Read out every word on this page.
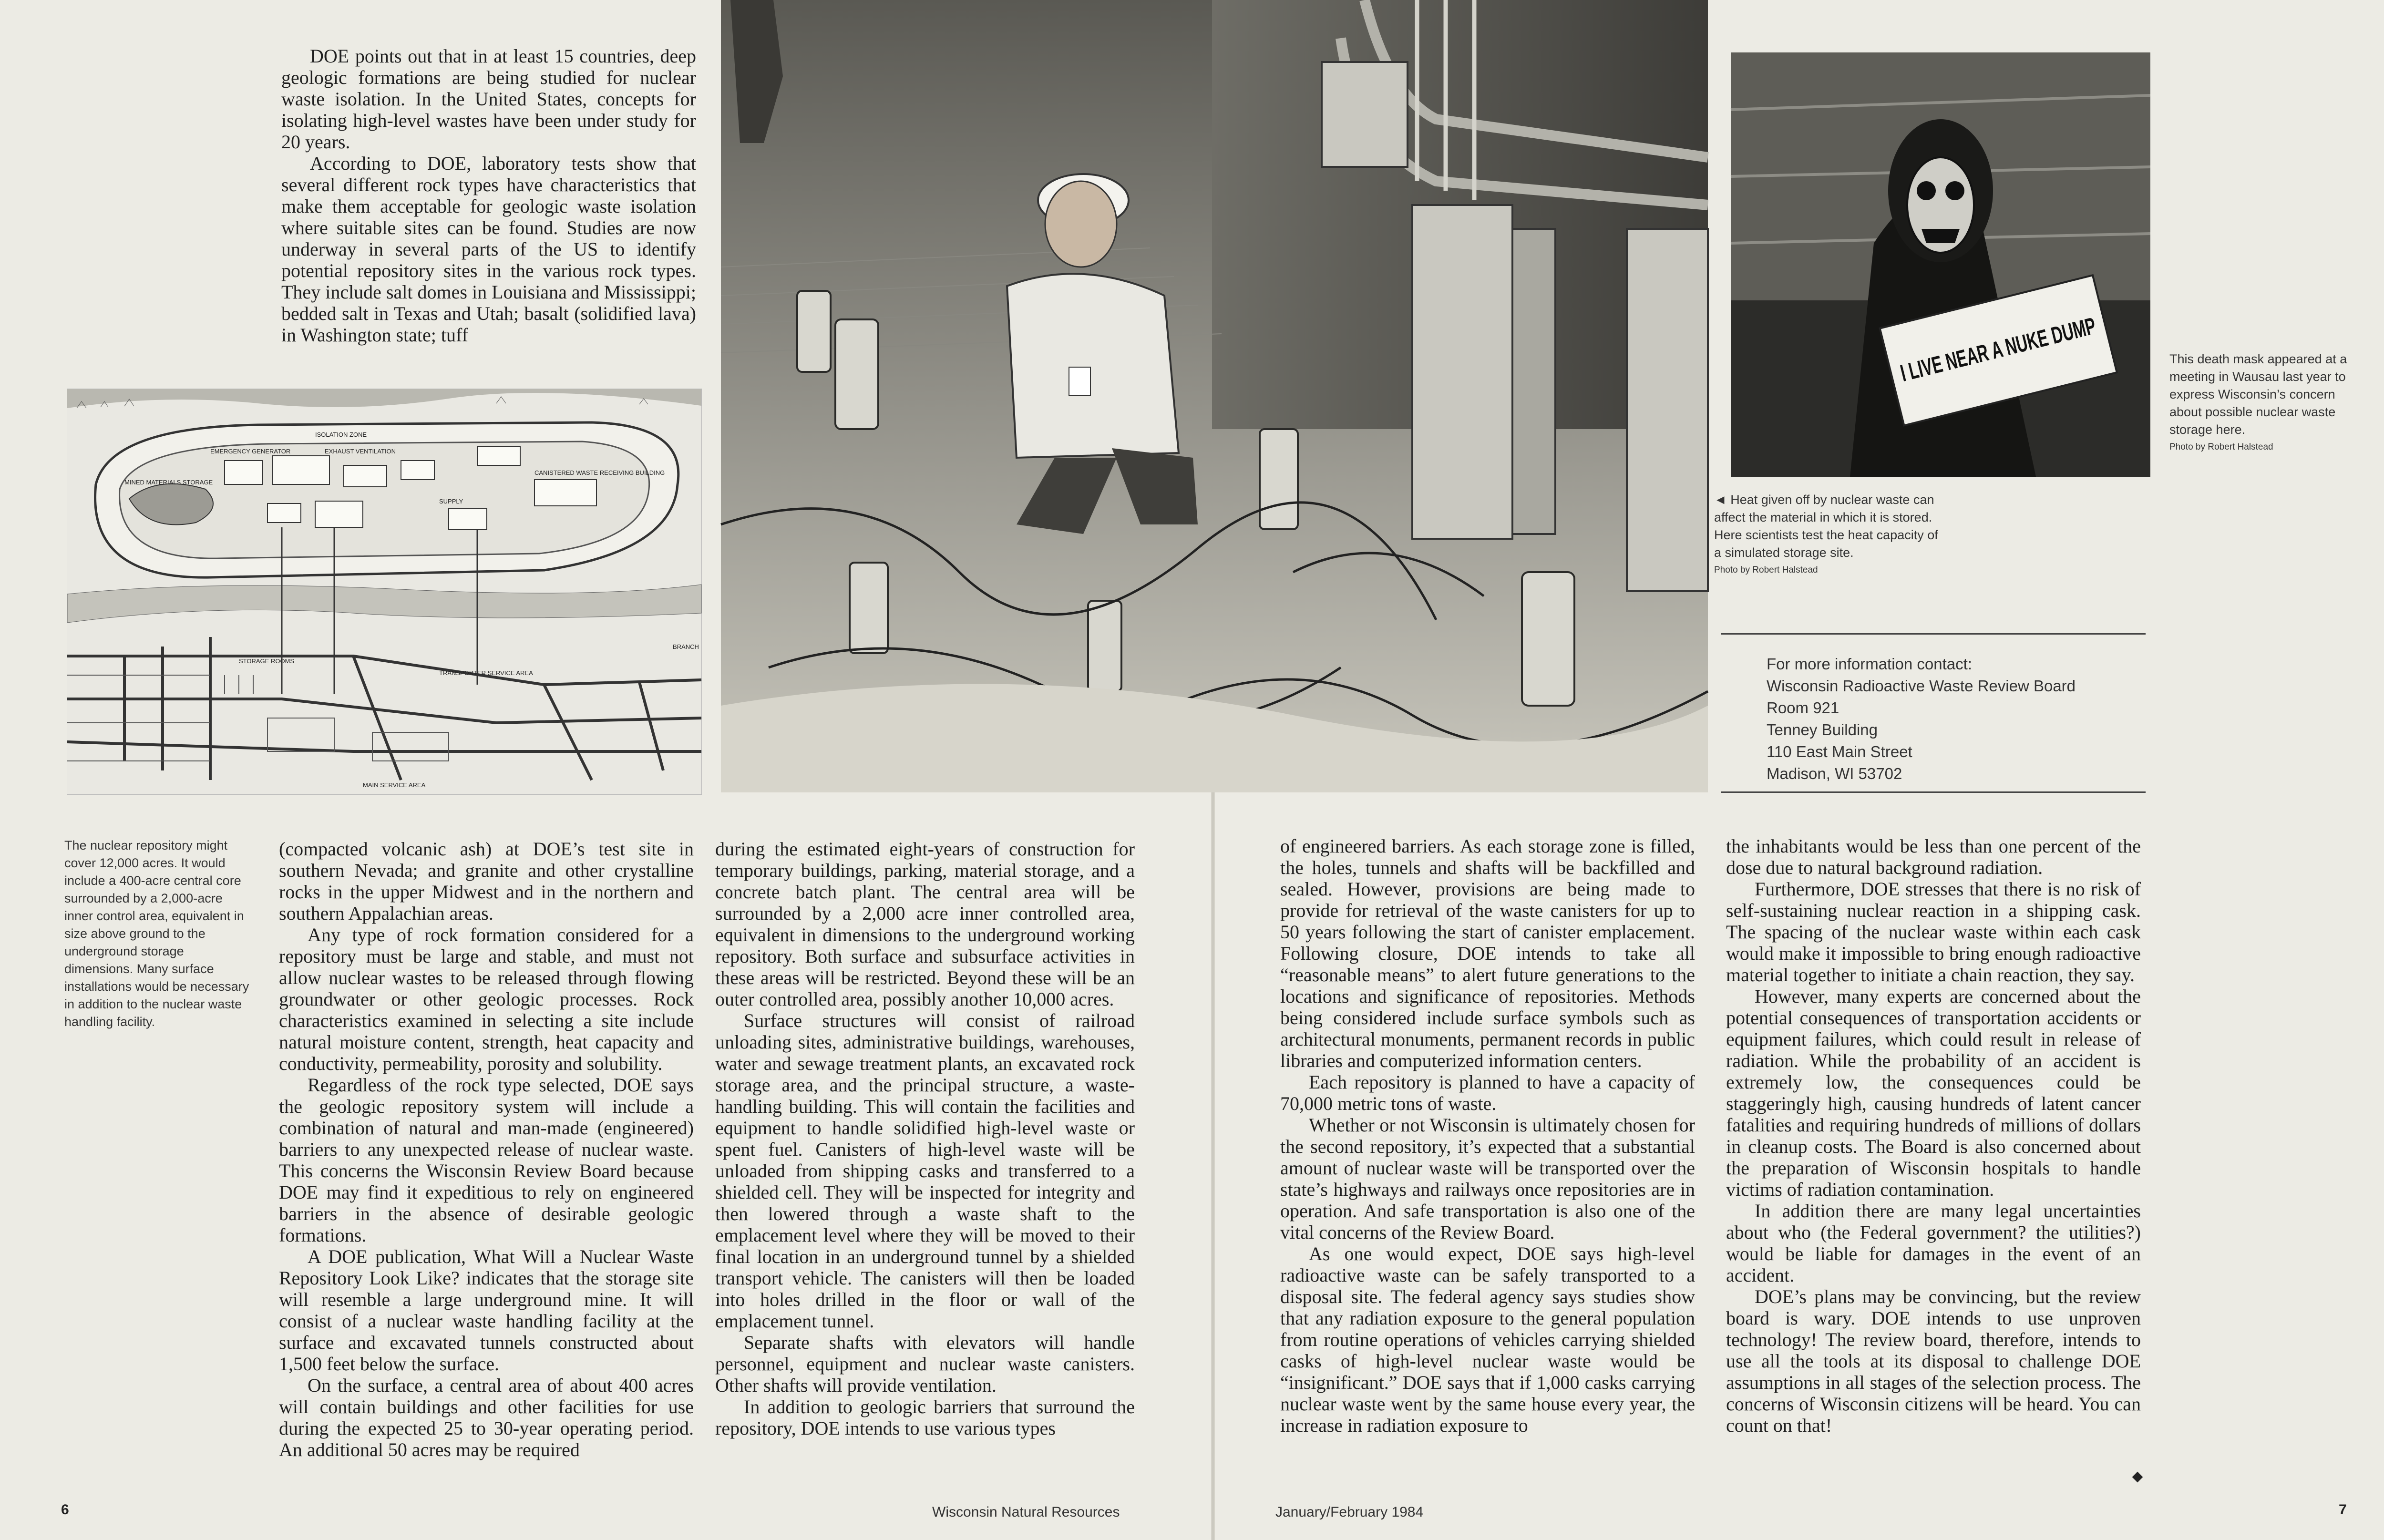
DOE points out that in at least 15 countries, deep geologic formations are being studied for nuclear waste isolation. In the United States, concepts for isolating high-level wastes have been under study for 20 years.

According to DOE, laboratory tests show that several different rock types have characteristics that make them acceptable for geologic waste isolation where suitable sites can be found. Studies are now underway in several parts of the US to identify potential repository sites in the various rock types. They include salt domes in Louisiana and Mississippi; bedded salt in Texas and Utah; basalt (solidified lava) in Washington state; tuff

ISOLATION ZONE
MINED MATERIALS STORAGE
EMERGENCY GENERATOR	EXHAUST VENTILATION
CANISTERED WASTE RECEIVING BUILDING
SUPPLY
BRANCH
TRANSPORTER SERVICE AREA
STORAGE ROOMS
MAIN SERVICE AREA
The nuclear repository might cover 12,000 acres. It would include a 400-acre central core surrounded by a 2,000-acre inner control area, equivalent in size above ground to the underground storage dimensions. Many surface installations would be necessary in addition to the nuclear waste handling facility.

(compacted volcanic ash) at DOE’s test site in southern Nevada; and granite and other crystalline rocks in the upper Midwest and in the northern and southern Appalachian areas.

Any type of rock formation considered for a repository must be large and stable, and must not allow nuclear wastes to be released through flowing groundwater or other geologic processes. Rock characteristics examined in selecting a site include natural moisture content, strength, heat capacity and conductivity, permeability, porosity and solubility.

Regardless of the rock type selected, DOE says the geologic repository system will include a combination of natural and man-made (engineered) barriers to any unexpected release of nuclear waste. This concerns the Wisconsin Review Board because DOE may find it expeditious to rely on engineered barriers in the absence of desirable geologic formations.

A DOE publication, What Will a Nuclear Waste Repository Look Like? indicates that the storage site will resemble a large underground mine. It will consist of a nuclear waste handling facility at the surface and excavated tunnels constructed about 1,500 feet below the surface.

On the surface, a central area of about 400 acres will contain buildings and other facilities for use during the expected 25 to 30-year operating period. An additional 50 acres may be required

during the estimated eight-years of construction for temporary buildings, parking, material storage, and a concrete batch plant. The central area will be surrounded by a 2,000 acre inner controlled area, equivalent in dimensions to the underground working repository. Both surface and subsurface activities in these areas will be restricted. Beyond these will be an outer controlled area, possibly another 10,000 acres.

Surface structures will consist of railroad unloading sites, administrative buildings, warehouses, water and sewage treatment plants, an excavated rock storage area, and the principal structure, a waste-handling building. This will contain the facilities and equipment to handle solidified high-level waste or spent fuel. Canisters of high-level waste will be unloaded from shipping casks and transferred to a shielded cell. They will be inspected for integrity and then lowered through a waste shaft to the emplacement level where they will be moved to their final location in an underground tunnel by a shielded transport vehicle. The canisters will then be loaded into holes drilled in the floor or wall of the emplacement tunnel.

Separate shafts with elevators will handle personnel, equipment and nuclear waste canisters. Other shafts will provide ventilation.

In addition to geologic barriers that surround the repository, DOE intends to use various types

6	Wisconsin Natural Resources
I LIVE NEAR A NUKE DUMP
This death mask appeared at a meeting in Wausau last year to express Wisconsin’s concern about possible nuclear waste storage here.
Photo by Robert Halstead
◄ Heat given off by nuclear waste can affect the material in which it is stored. Here scientists test the heat capacity of a simulated storage site.
Photo by Robert Halstead
For more information contact:
Wisconsin Radioactive Waste Review Board
Room 921
Tenney Building
110 East Main Street
Madison, WI 53702

of engineered barriers. As each storage zone is filled, the holes, tunnels and shafts will be backfilled and sealed. However, provisions are being made to provide for retrieval of the waste canisters for up to 50 years following the start of canister emplacement. Following closure, DOE intends to take all “reasonable means” to alert future generations to the locations and significance of repositories. Methods being considered include surface symbols such as architectural monuments, permanent records in public libraries and computerized information centers.

Each repository is planned to have a capacity of 70,000 metric tons of waste.

Whether or not Wisconsin is ultimately chosen for the second repository, it’s expected that a substantial amount of nuclear waste will be transported over the state’s highways and railways once repositories are in operation. And safe transportation is also one of the vital concerns of the Review Board.

As one would expect, DOE says high-level radioactive waste can be safely transported to a disposal site. The federal agency says studies show that any radiation exposure to the general population from routine operations of vehicles carrying shielded casks of high-level nuclear waste would be “insignificant.” DOE says that if 1,000 casks carrying nuclear waste went by the same house every year, the increase in radiation exposure to

the inhabitants would be less than one percent of the dose due to natural background radiation.

Furthermore, DOE stresses that there is no risk of self-sustaining nuclear reaction in a shipping cask. The spacing of the nuclear waste within each cask would make it impossible to bring enough radioactive material together to initiate a chain reaction, they say.

However, many experts are concerned about the potential consequences of transportation accidents or equipment failures, which could result in release of radiation. While the probability of an accident is extremely low, the consequences could be staggeringly high, causing hundreds of latent cancer fatalities and requiring hundreds of millions of dollars in cleanup costs. The Board is also concerned about the preparation of Wisconsin hospitals to handle victims of radiation contamination.

In addition there are many legal uncertainties about who (the Federal government? the utilities?) would be liable for damages in the event of an accident.

DOE’s plans may be convincing, but the review board is wary. DOE intends to use unproven technology! The review board, therefore, intends to use all the tools at its disposal to challenge DOE assumptions in all stages of the selection process. The concerns of Wisconsin citizens will be heard. You can count on that!

January/February 1984	7
